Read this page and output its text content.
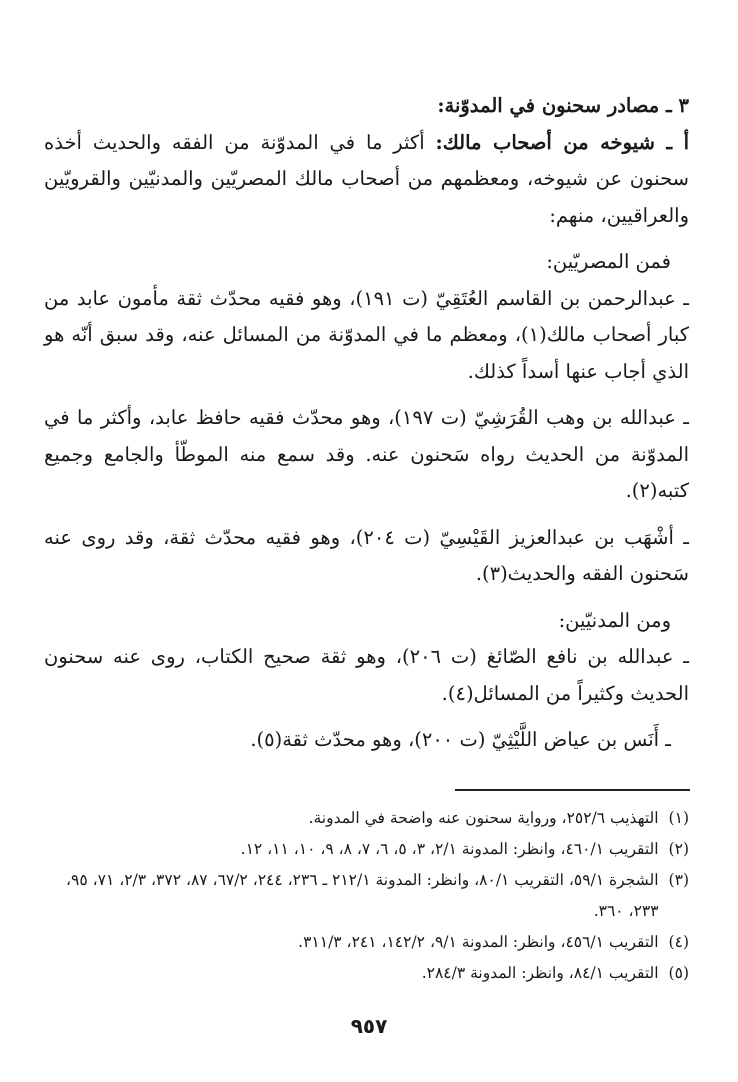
٣ ـ مصادر سحنون في المدوّنة:

أ ـ شيوخه من أصحاب مالك: أكثر ما في المدوّنة من الفقه والحديث أخذه سحنون عن شيوخه، ومعظمهم من أصحاب مالك المصريّين والمدنيّين والقرويّين والعراقيين، منهم:

فمن المصريّين:

ـ عبدالرحمن بن القاسم العُتَقِيّ (ت ١٩١)، وهو فقيه محدّث ثقة مأمون عابد من كبار أصحاب مالك(١)، ومعظم ما في المدوّنة من المسائل عنه، وقد سبق أنّه هو الذي أجاب عنها أسداً كذلك.

ـ عبدالله بن وهب القُرَشِيّ (ت ١٩٧)، وهو محدّث فقيه حافظ عابد، وأكثر ما في المدوّنة من الحديث رواه سَحنون عنه. وقد سمع منه الموطّأ والجامع وجميع كتبه(٢).

ـ أشْهَب بن عبدالعزيز القَيْسِيّ (ت ٢٠٤)، وهو فقيه محدّث ثقة، وقد روى عنه سَحنون الفقه والحديث(٣).

ومن المدنيّين:

ـ عبدالله بن نافع الصّائغ (ت ٢٠٦)، وهو ثقة صحيح الكتاب، روى عنه سحنون الحديث وكثيراً من المسائل(٤).

ـ أَنَس بن عياض اللَّيْثِيّ (ت ٢٠٠)، وهو محدّث ثقة(٥).

(١)
التهذيب ٢٥٢/٦، ورواية سحنون عنه واضحة في المدونة.
(٢)
التقريب ٤٦٠/١، وانظر: المدونة ٢/١، ٣، ٥، ٦، ٧، ٨، ٩، ١٠، ١١، ١٢.
(٣)
الشجرة ٥٩/١، التقريب ٨٠/١، وانظر: المدونة ٢١٢/١ ـ ٢٣٦، ٢٤٤، ٦٧/٢، ٨٧، ٣٧٢، ٢/٣، ٧١، ٩٥، ٢٣٣، ٣٦٠.
(٤)
التقريب ٤٥٦/١، وانظر: المدونة ٩/١، ١٤٢/٢، ٢٤١، ٣١١/٣.
(٥)
التقريب ٨٤/١، وانظر: المدونة ٢٨٤/٣.
٩٥٧
